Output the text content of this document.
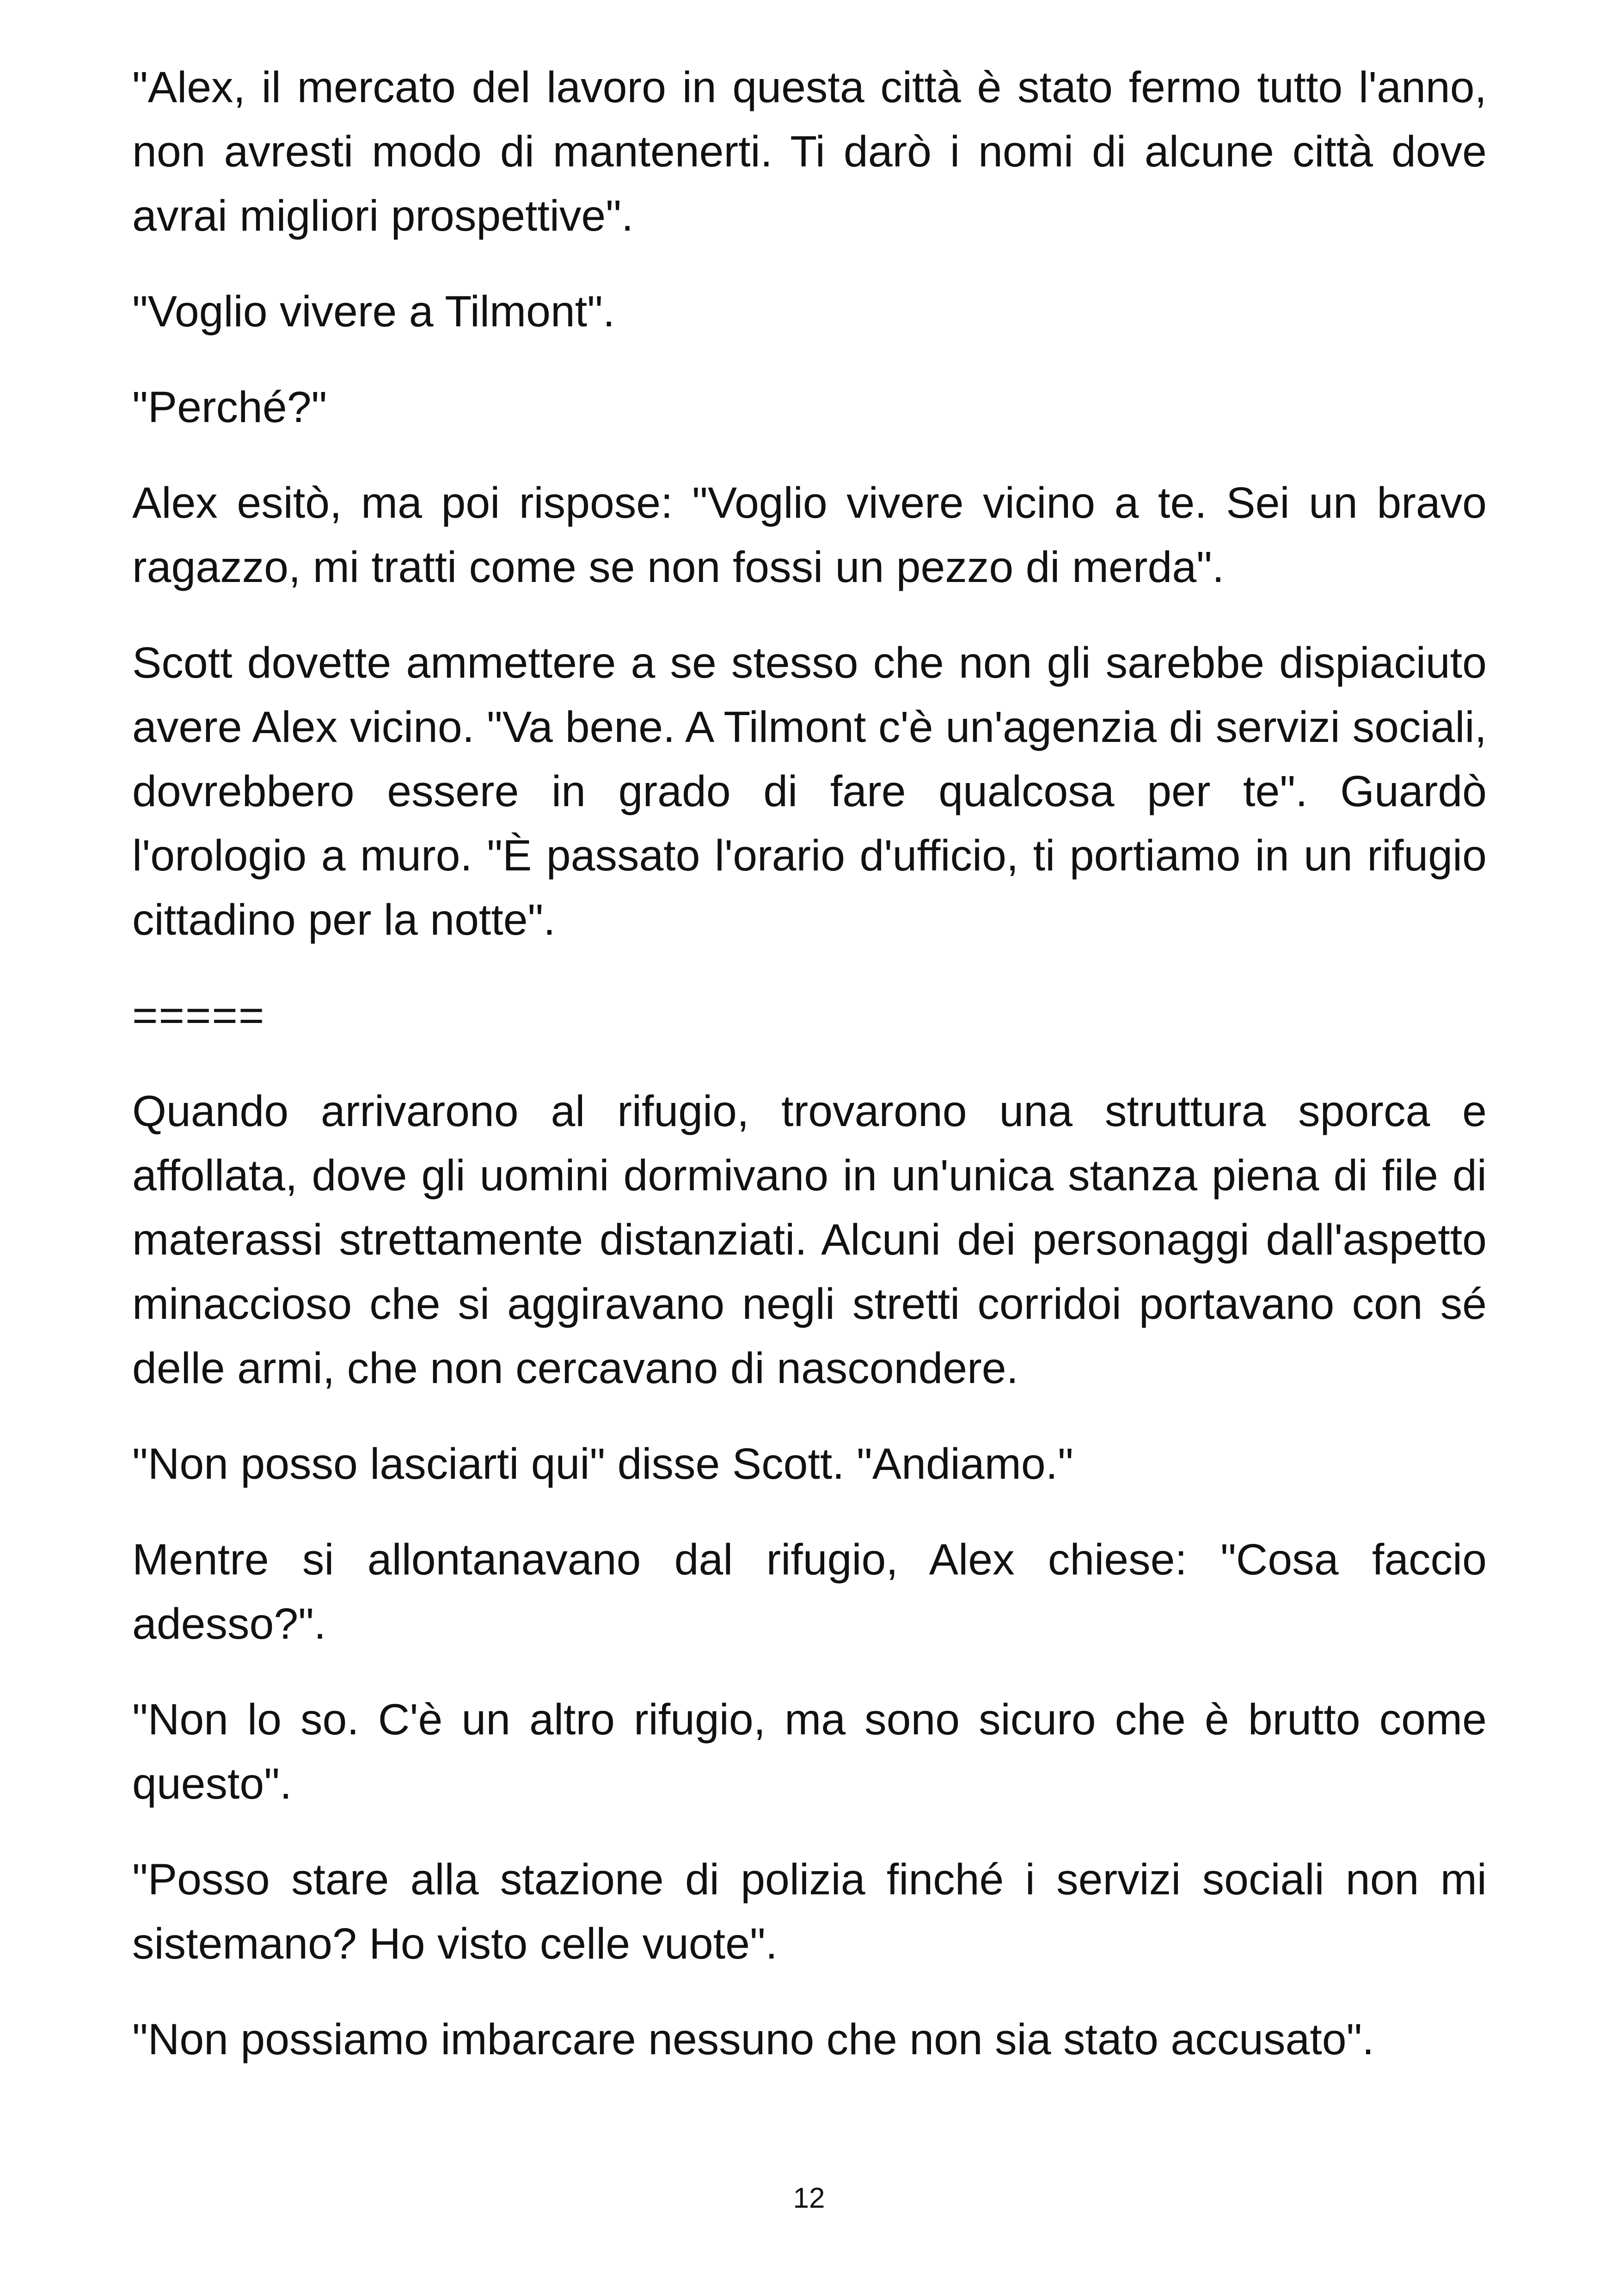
"Alex, il mercato del lavoro in questa città è stato fermo tutto l'anno, non avresti modo di mantenerti. Ti darò i nomi di alcune città dove avrai migliori prospettive".

"Voglio vivere a Tilmont".

"Perché?"

Alex esitò, ma poi rispose: "Voglio vivere vicino a te. Sei un bravo ragazzo, mi tratti come se non fossi un pezzo di merda".

Scott dovette ammettere a se stesso che non gli sarebbe dispiaciuto avere Alex vicino. "Va bene. A Tilmont c'è un'agenzia di servizi sociali, dovrebbero essere in grado di fare qualcosa per te". Guardò l'orologio a muro. "È passato l'orario d'ufficio, ti portiamo in un rifugio cittadino per la notte".

=====

Quando arrivarono al rifugio, trovarono una struttura sporca e affollata, dove gli uomini dormivano in un'unica stanza piena di file di materassi strettamente distanziati. Alcuni dei personaggi dall'aspetto minaccioso che si aggiravano negli stretti corridoi portavano con sé delle armi, che non cercavano di nascondere.

"Non posso lasciarti qui" disse Scott. "Andiamo."

Mentre si allontanavano dal rifugio, Alex chiese: "Cosa faccio adesso?".

"Non lo so. C'è un altro rifugio, ma sono sicuro che è brutto come questo".

"Posso stare alla stazione di polizia finché i servizi sociali non mi sistemano? Ho visto celle vuote".

"Non possiamo imbarcare nessuno che non sia stato accusato".

12
